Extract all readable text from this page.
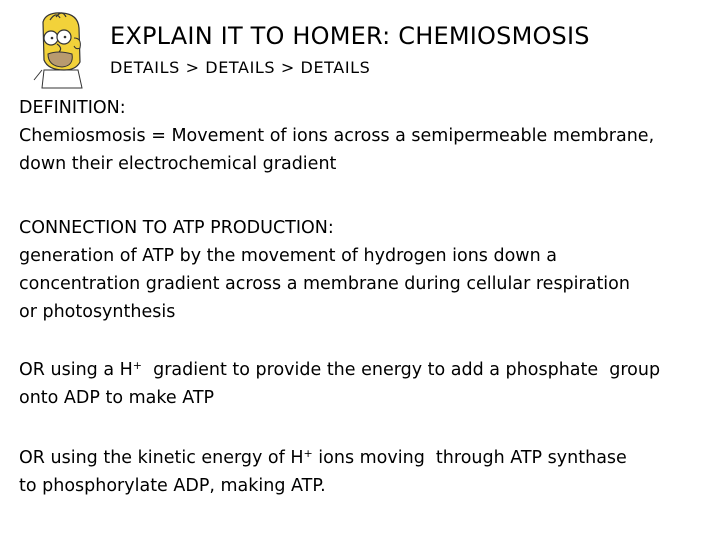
EXPLAIN IT TO HOMER: CHEMIOSMOSIS
DETAILS > DETAILS > DETAILS
DEFINITION:
Chemiosmosis = Movement of ions across a semipermeable membrane,
down their electrochemical gradient
CONNECTION TO ATP PRODUCTION:
generation of ATP by the movement of hydrogen ions down a
concentration gradient across a membrane during cellular respiration
or photosynthesis
OR using a H+  gradient to provide the energy to add a phosphate  group
onto ADP to make ATP
OR using the kinetic energy of H+ ions moving  through ATP synthase
to phosphorylate ADP, making ATP.
